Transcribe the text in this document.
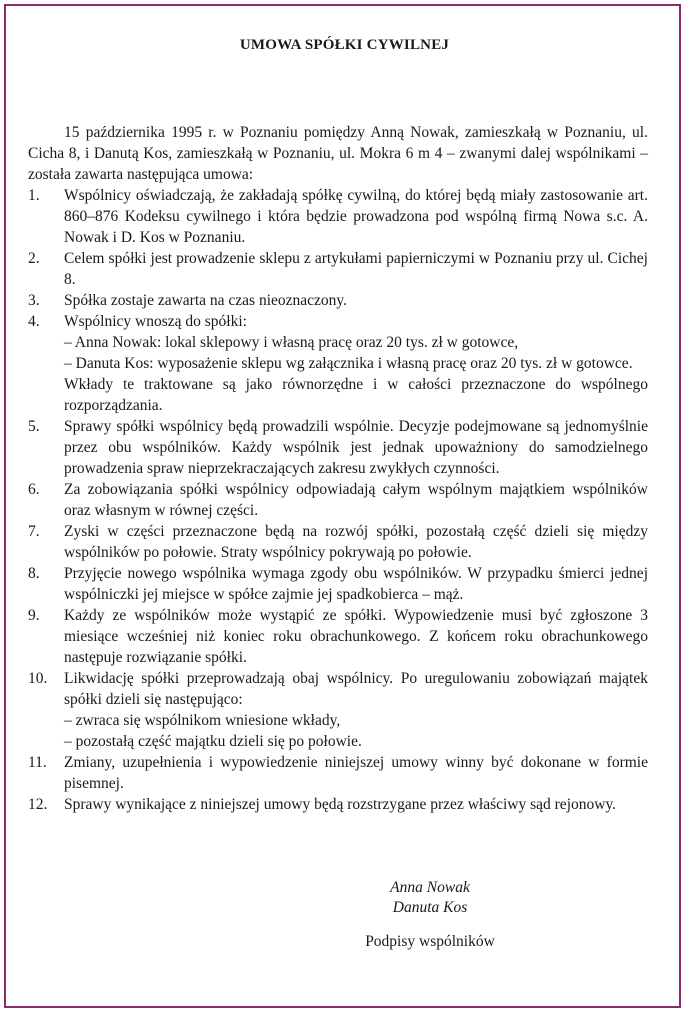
UMOWA SPÓŁKI CYWILNEJ

15 października 1995 r. w Poznaniu pomiędzy Anną Nowak, zamieszkałą w Poznaniu, ul. Cicha 8, i Danutą Kos, zamieszkałą w Poznaniu, ul. Mokra 6 m 4 – zwanymi dalej wspólnikami – została zawarta następująca umowa:

1.	Wspólnicy oświadczają, że zakładają spółkę cywilną, do której będą miały zastosowanie art. 860–876 Kodeksu cywilnego i która będzie prowadzona pod wspólną firmą Nowa s.c. A. Nowak i D. Kos w Poznaniu.
2.	Celem spółki jest prowadzenie sklepu z artykułami papierniczymi w Poznaniu przy ul. Cichej 8.
3.	Spółka zostaje zawarta na czas nieoznaczony.
4.	Wspólnicy wnoszą do spółki:
– Anna Nowak: lokal sklepowy i własną pracę oraz 20 tys. zł w gotowce,
– Danuta Kos: wyposażenie sklepu wg załącznika i własną pracę oraz 20 tys. zł w gotowce.
Wkłady te traktowane są jako równorzędne i w całości przeznaczone do wspólnego rozporządzania.
5.	Sprawy spółki wspólnicy będą prowadzili wspólnie. Decyzje podejmowane są jednomyślnie przez obu wspólników. Każdy wspólnik jest jednak upoważniony do samodzielnego prowadzenia spraw nieprzekraczających zakresu zwykłych czynności.
6.	Za zobowiązania spółki wspólnicy odpowiadają całym wspólnym majątkiem wspólników oraz własnym w równej części.
7.	Zyski w części przeznaczone będą na rozwój spółki, pozostałą część dzieli się między wspólników po połowie. Straty wspólnicy pokrywają po połowie.
8.	Przyjęcie nowego wspólnika wymaga zgody obu wspólników. W przypadku śmierci jednej wspólniczki jej miejsce w spółce zajmie jej spadkobierca – mąż.
9.	Każdy ze wspólników może wystąpić ze spółki. Wypowiedzenie musi być zgłoszone 3 miesiące wcześniej niż koniec roku obrachunkowego. Z końcem roku obrachunkowego następuje rozwiązanie spółki.
10.	Likwidację spółki przeprowadzają obaj wspólnicy. Po uregulowaniu zobowiązań majątek spółki dzieli się następująco:
– zwraca się wspólnikom wniesione wkłady,
– pozostałą część majątku dzieli się po połowie.
11.	Zmiany, uzupełnienia i wypowiedzenie niniejszej umowy winny być dokonane w formie pisemnej.
12.	Sprawy wynikające z niniejszej umowy będą rozstrzygane przez właściwy sąd rejonowy.
Anna Nowak
Danuta Kos
Podpisy wspólników
